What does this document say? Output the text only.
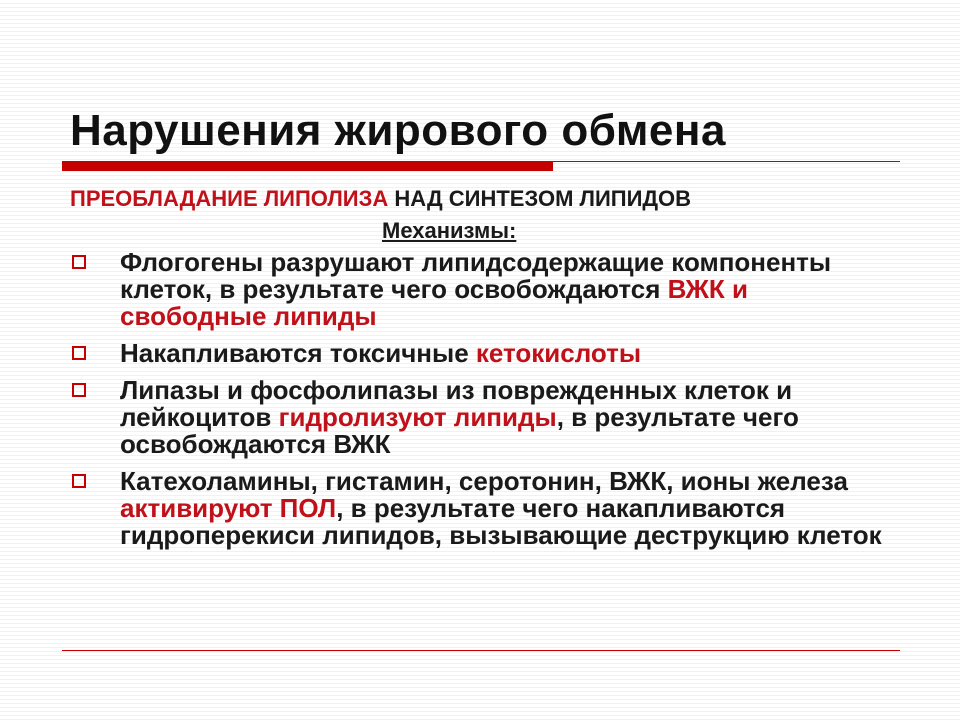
Нарушения жирового обмена

ПРЕОБЛАДАНИЕ ЛИПОЛИЗА НАД СИНТЕЗОМ ЛИПИДОВ

Механизмы:

Флогогены разрушают липидсодержащие компоненты клеток, в результате чего освобождаются ВЖК и свободные липиды
Накапливаются токсичные кетокислоты
Липазы и фосфолипазы из поврежденных клеток и лейкоцитов гидролизуют липиды, в результате чего освобождаются ВЖК
Катехоламины, гистамин, серотонин, ВЖК, ионы железа активируют ПОЛ, в результате чего накапливаются гидроперекиси липидов, вызывающие деструкцию клеток
